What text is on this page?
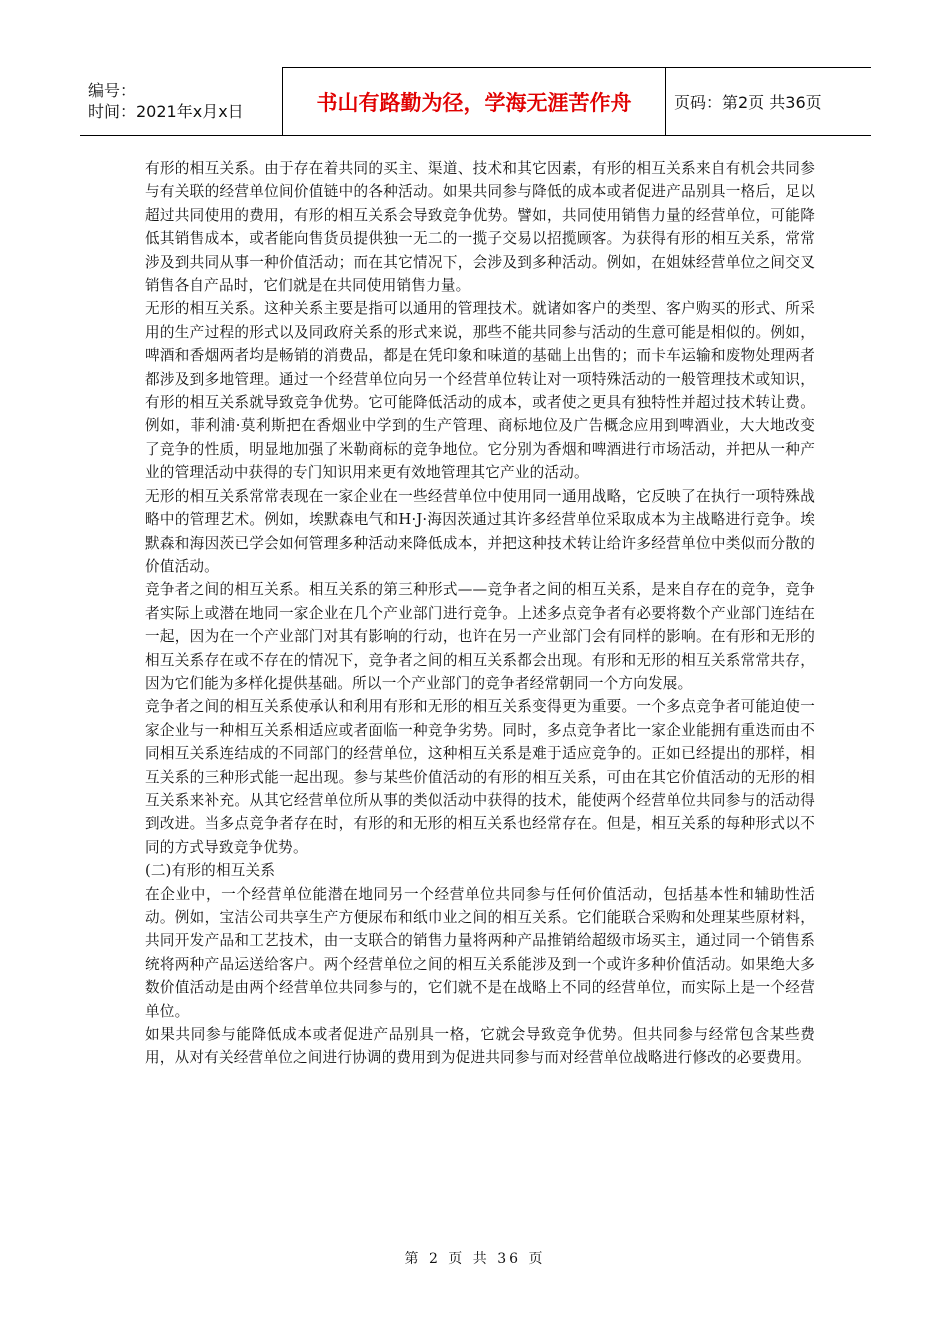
编号：
时间：2021年x月x日	书山有路勤为径，学海无涯苦作舟	页码：第2页 共36页

有形的相互关系。由于存在着共同的买主、渠道、技术和其它因素，有形的相互关系来自有机会共同参与有关联的经营单位间价值链中的各种活动。如果共同参与降低的成本或者促进产品别具一格后，足以超过共同使用的费用，有形的相互关系会导致竞争优势。譬如，共同使用销售力量的经营单位，可能降低其销售成本，或者能向售货员提供独一无二的一揽子交易以招揽顾客。为获得有形的相互关系，常常涉及到共同从事一种价值活动；而在其它情况下，会涉及到多种活动。例如，在姐妹经营单位之间交叉销售各自产品时，它们就是在共同使用销售力量。

无形的相互关系。这种关系主要是指可以通用的管理技术。就诸如客户的类型、客户购买的形式、所采用的生产过程的形式以及同政府关系的形式来说，那些不能共同参与活动的生意可能是相似的。例如，啤酒和香烟两者均是畅销的消费品，都是在凭印象和味道的基础上出售的；而卡车运输和废物处理两者都涉及到多地管理。通过一个经营单位向另一个经营单位转让对一项特殊活动的一般管理技术或知识，有形的相互关系就导致竞争优势。它可能降低活动的成本，或者使之更具有独特性并超过技术转让费。例如，菲利浦·莫利斯把在香烟业中学到的生产管理、商标地位及广告概念应用到啤酒业，大大地改变了竞争的性质，明显地加强了米勒商标的竞争地位。它分别为香烟和啤酒进行市场活动，并把从一种产业的管理活动中获得的专门知识用来更有效地管理其它产业的活动。

无形的相互关系常常表现在一家企业在一些经营单位中使用同一通用战略，它反映了在执行一项特殊战略中的管理艺术。例如，埃默森电气和H·J·海因茨通过其许多经营单位采取成本为主战略进行竞争。埃默森和海因茨已学会如何管理多种活动来降低成本，并把这种技术转让给许多经营单位中类似而分散的价值活动。

竞争者之间的相互关系。相互关系的第三种形式——竞争者之间的相互关系，是来自存在的竞争，竞争者实际上或潜在地同一家企业在几个产业部门进行竞争。上述多点竞争者有必要将数个产业部门连结在一起，因为在一个产业部门对其有影响的行动，也许在另一产业部门会有同样的影响。在有形和无形的相互关系存在或不存在的情况下，竞争者之间的相互关系都会出现。有形和无形的相互关系常常共存，因为它们能为多样化提供基础。所以一个产业部门的竞争者经常朝同一个方向发展。

竞争者之间的相互关系使承认和利用有形和无形的相互关系变得更为重要。一个多点竞争者可能迫使一家企业与一种相互关系相适应或者面临一种竞争劣势。同时，多点竞争者比一家企业能拥有重迭而由不同相互关系连结成的不同部门的经营单位，这种相互关系是难于适应竞争的。正如已经提出的那样，相互关系的三种形式能一起出现。参与某些价值活动的有形的相互关系，可由在其它价值活动的无形的相互关系来补充。从其它经营单位所从事的类似活动中获得的技术，能使两个经营单位共同参与的活动得到改进。当多点竞争者存在时，有形的和无形的相互关系也经常存在。但是，相互关系的每种形式以不同的方式导致竞争优势。

(二)有形的相互关系

在企业中，一个经营单位能潜在地同另一个经营单位共同参与任何价值活动，包括基本性和辅助性活动。例如，宝洁公司共享生产方便尿布和纸巾业之间的相互关系。它们能联合采购和处理某些原材料，共同开发产品和工艺技术，由一支联合的销售力量将两种产品推销给超级市场买主，通过同一个销售系统将两种产品运送给客户。两个经营单位之间的相互关系能涉及到一个或许多种价值活动。如果绝大多数价值活动是由两个经营单位共同参与的，它们就不是在战略上不同的经营单位，而实际上是一个经营单位。

如果共同参与能降低成本或者促进产品别具一格，它就会导致竞争优势。但共同参与经常包含某些费用，从对有关经营单位之间进行协调的费用到为促进共同参与而对经营单位战略进行修改的必要费用。

第 2 页 共 36 页
